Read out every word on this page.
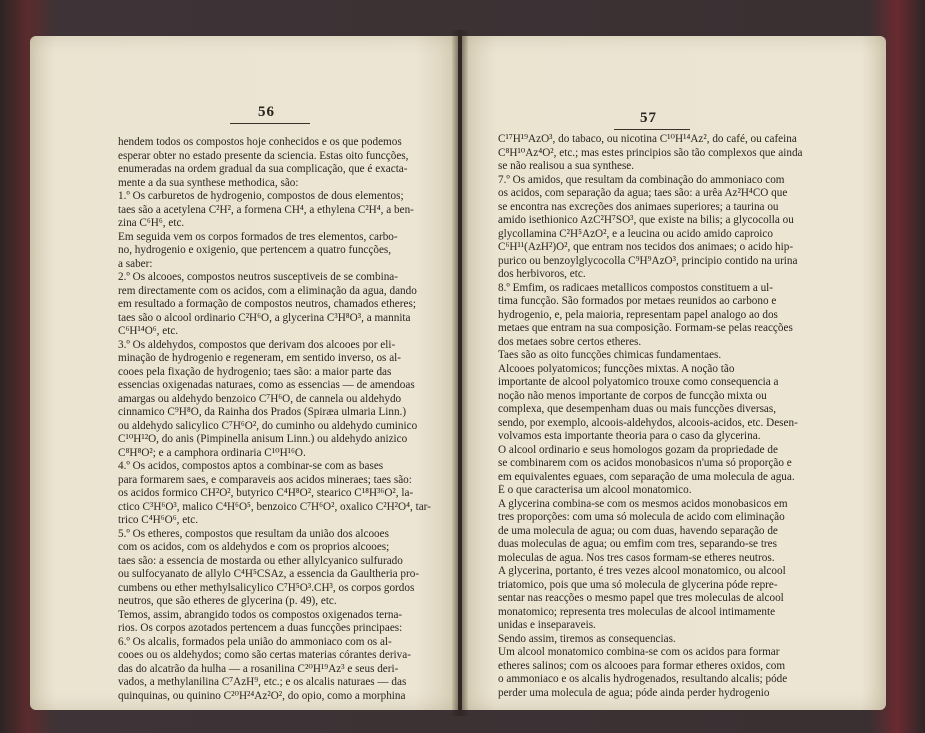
56
hendem todos os compostos hoje conhecidos e os que podemos
esperar obter no estado presente da sciencia. Estas oito funcções,
enumeradas na ordem gradual da sua complicação, que é exacta-
mente a da sua synthese methodica, são:
1.º Os carburetos de hydrogenio, compostos de dous elementos;
taes são a acetylena C²H², a formena CH⁴, a ethylena C²H⁴, a ben-
zina C⁶H⁶, etc.
Em seguida vem os corpos formados de tres elementos, carbo-
no, hydrogenio e oxigenio, que pertencem a quatro funcções,
a saber:
2.º Os alcooes, compostos neutros susceptiveis de se combina-
rem directamente com os acidos, com a eliminação da agua, dando
em resultado a formação de compostos neutros, chamados etheres;
taes são o alcool ordinario C²H⁶O, a glycerina C³H⁸O³, a mannita
C⁶H¹⁴O⁶, etc.
3.º Os aldehydos, compostos que derivam dos alcooes por eli-
minação de hydrogenio e regeneram, em sentido inverso, os al-
cooes pela fixação de hydrogenio; taes são: a maior parte das
essencias oxigenadas naturaes, como as essencias — de amendoas
amargas ou aldehydo benzoico C⁷H⁶O, de cannela ou aldehydo
cinnamico C⁹H⁸O, da Rainha dos Prados (Spiræa ulmaria Linn.)
ou aldehydo salicylico C⁷H⁶O², do cuminho ou aldehydo cuminico
C¹⁰H¹²O, do anis (Pimpinella anisum Linn.) ou aldehydo anizico
C⁸H⁸O²; e a camphora ordinaria C¹⁰H¹⁶O.
4.º Os acidos, compostos aptos a combinar-se com as bases
para formarem saes, e comparaveis aos acidos mineraes; taes são:
os acidos formico CH²O², butyrico C⁴H⁸O², stearico C¹⁸H³⁶O², la-
ctico C³H⁶O³, malico C⁴H⁶O⁵, benzoico C⁷H⁶O², oxalico C²H²O⁴, tar-
trico C⁴H⁶O⁶, etc.
5.º Os etheres, compostos que resultam da união dos alcooes
com os acidos, com os aldehydos e com os proprios alcooes;
taes são: a essencia de mostarda ou ether allylcyanico sulfurado
ou sulfocyanato de allylo C⁴H⁵CSAz, a essencia da Gaultheria pro-
cumbens ou ether methylsalicylico C⁷H⁵O³.CH³, os corpos gordos
neutros, que são etheres de glycerina (p. 49), etc.
Temos, assim, abrangido todos os compostos oxigenados terna-
rios. Os corpos azotados pertencem a duas funcções principaes:
6.º Os alcalis, formados pela união do ammoniaco com os al-
cooes ou os aldehydos; como são certas materias córantes deriva-
das do alcatrão da hulha — a rosanilina C²⁰H¹⁹Az³ e seus deri-
vados, a methylanilina C⁷AzH⁹, etc.; e os alcalis naturaes — das
quinquinas, ou quinino C²⁰H²⁴Az²O², do opio, como a morphina
57
C¹⁷H¹⁹AzO³, do tabaco, ou nicotina C¹⁰H¹⁴Az², do café, ou cafeina
C⁸H¹⁰Az⁴O², etc.; mas estes principios são tão complexos que ainda
se não realisou a sua synthese.
7.º Os amidos, que resultam da combinação do ammoniaco com
os acidos, com separação da agua; taes são: a urêa Az²H⁴CO que
se encontra nas excreções dos animaes superiores; a taurina ou
amido isethionico AzC²H⁷SO³, que existe na bilis; a glycocolla ou
glycollamina C²H⁵AzO², e a leucina ou acido amido caproico
C⁶H¹¹(AzH²)O², que entram nos tecidos dos animaes; o acido hip-
purico ou benzoylglycocolla C⁹H⁹AzO³, principio contido na urina
dos herbivoros, etc.
8.º Emfim, os radicaes metallicos compostos constituem a ul-
tima funcção. São formados por metaes reunidos ao carbono e
hydrogenio, e, pela maioria, representam papel analogo ao dos
metaes que entram na sua composição. Formam-se pelas reacções
dos metaes sobre certos etheres.
Taes são as oito funcções chimicas fundamentaes.
Alcooes polyatomicos; funcções mixtas. A noção tão
importante de alcool polyatomico trouxe como consequencia a
noção não menos importante de corpos de funcção mixta ou
complexa, que desempenham duas ou mais funcções diversas,
sendo, por exemplo, alcoois-aldehydos, alcoois-acidos, etc. Desen-
volvamos esta importante theoria para o caso da glycerina.
O alcool ordinario e seus homologos gozam da propriedade de
se combinarem com os acidos monobasicos n'uma só proporção e
em equivalentes eguaes, com separação de uma molecula de agua.
É o que caracterisa um alcool monatomico.
A glycerina combina-se com os mesmos acidos monobasicos em
tres proporções: com uma só molecula de acido com eliminação
de uma molecula de agua; ou com duas, havendo separação de
duas moleculas de agua; ou emfim com tres, separando-se tres
moleculas de agua. Nos tres casos formam-se etheres neutros.
A glycerina, portanto, é tres vezes alcool monatomico, ou alcool
triatomico, pois que uma só molecula de glycerina póde repre-
sentar nas reacções o mesmo papel que tres moleculas de alcool
monatomico; representa tres moleculas de alcool intimamente
unidas e inseparaveis.
Sendo assim, tiremos as consequencias.
Um alcool monatomico combina-se com os acidos para formar
etheres salinos; com os alcooes para formar etheres oxidos, com
o ammoniaco e os alcalis hydrogenados, resultando alcalis; póde
perder uma molecula de agua; póde ainda perder hydrogenio
